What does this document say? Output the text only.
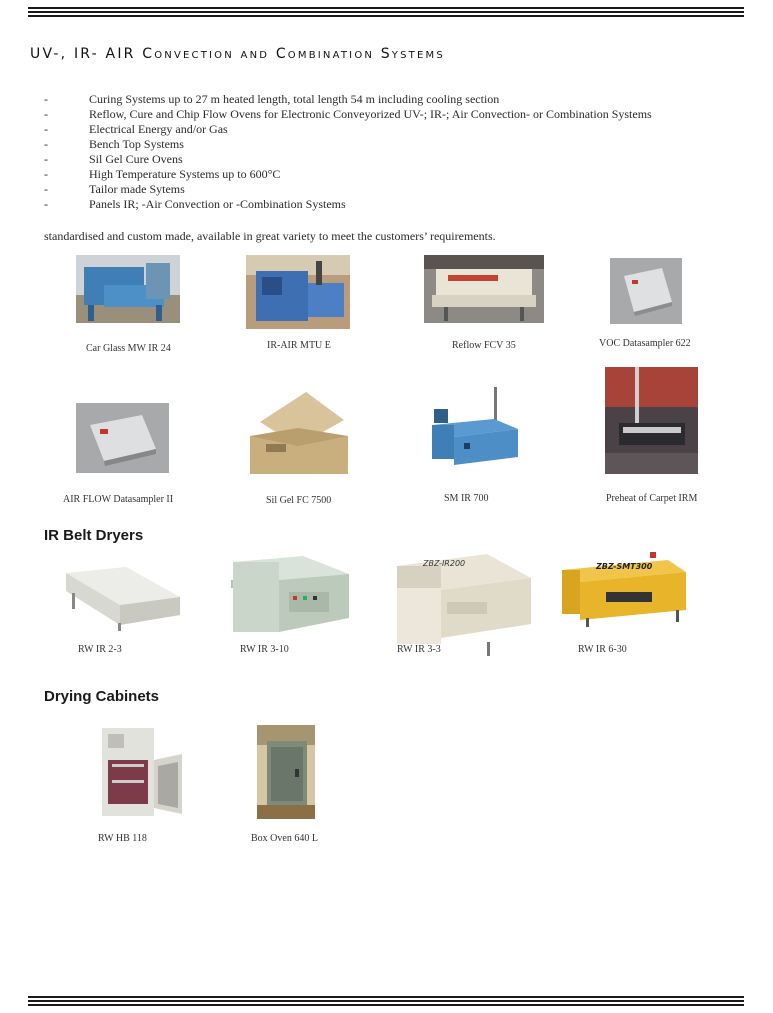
UV-, IR- AIR Convection and Combination Systems
-	Curing Systems up to 27 m heated length, total length 54 m including cooling section
-	Reflow, Cure and Chip Flow Ovens for Electronic Conveyorized UV-; IR-; Air Convection- or Combination Systems
-	Electrical Energy and/or Gas
-	Bench Top Systems
-	Sil Gel Cure Ovens
-	High Temperature Systems up to 600°C
-	Tailor made Sytems
-	Panels IR; -Air Convection or -Combination Systems

standardised and custom made, available in great variety to meet the customers’ requirements.

Car Glass MW IR 24	IR-AIR MTU E	Reflow FCV 35	VOC Datasampler 622
AIR FLOW Datasampler II	Sil Gel FC 7500	SM IR 700	Preheat of Carpet IRM
IR Belt Dryers
RW IR 2-3	RW IR 3-10
ZBZ-IR200
RW IR 3-3
ZBZ-SMT300
RW IR 6-30
Drying Cabinets
RW HB 118	Box Oven 640 L
